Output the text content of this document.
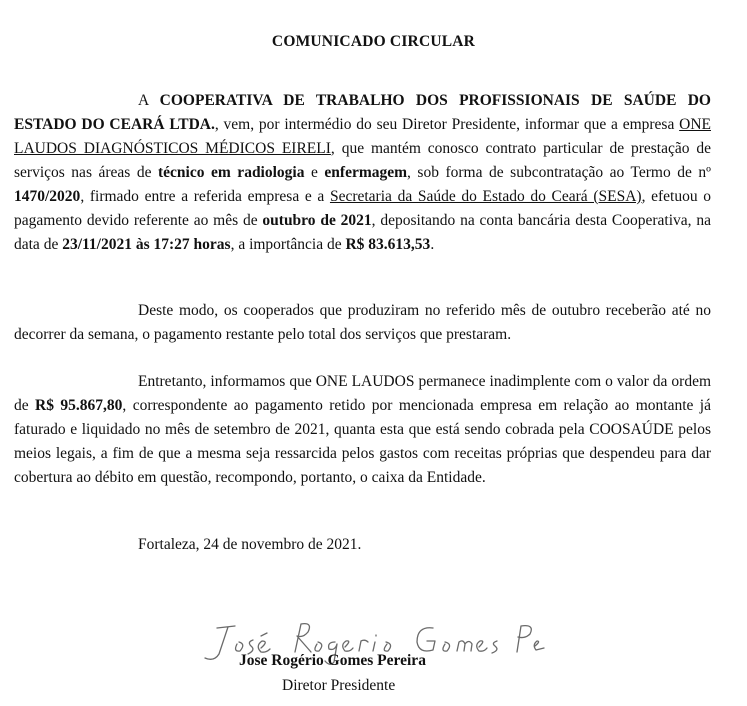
COMUNICADO CIRCULAR

A COOPERATIVA DE TRABALHO DOS PROFISSIONAIS DE SAÚDE DO ESTADO DO CEARÁ LTDA., vem, por intermédio do seu Diretor Presidente, informar que a empresa ONE LAUDOS DIAGNÓSTICOS MÉDICOS EIRELI, que mantém conosco contrato particular de prestação de serviços nas áreas de técnico em radiologia e enfermagem, sob forma de subcontratação ao Termo de nº 1470/2020, firmado entre a referida empresa e a Secretaria da Saúde do Estado do Ceará (SESA), efetuou o pagamento devido referente ao mês de outubro de 2021, depositando na conta bancária desta Cooperativa, na data de 23/11/2021 às 17:27 horas, a importância de R$ 83.613,53.

Deste modo, os cooperados que produziram no referido mês de outubro receberão até no decorrer da semana, o pagamento restante pelo total dos serviços que prestaram.

Entretanto, informamos que ONE LAUDOS permanece inadimplente com o valor da ordem de R$ 95.867,80, correspondente ao pagamento retido por mencionada empresa em relação ao montante já faturado e liquidado no mês de setembro de 2021, quanta esta que está sendo cobrada pela COOSAÚDE pelos meios legais, a fim de que a mesma seja ressarcida pelos gastos com receitas próprias que despendeu para dar cobertura ao débito em questão, recompondo, portanto, o caixa da Entidade.

Fortaleza, 24 de novembro de 2021.
Jose Rogério Gomes Pereira
Diretor Presidente
